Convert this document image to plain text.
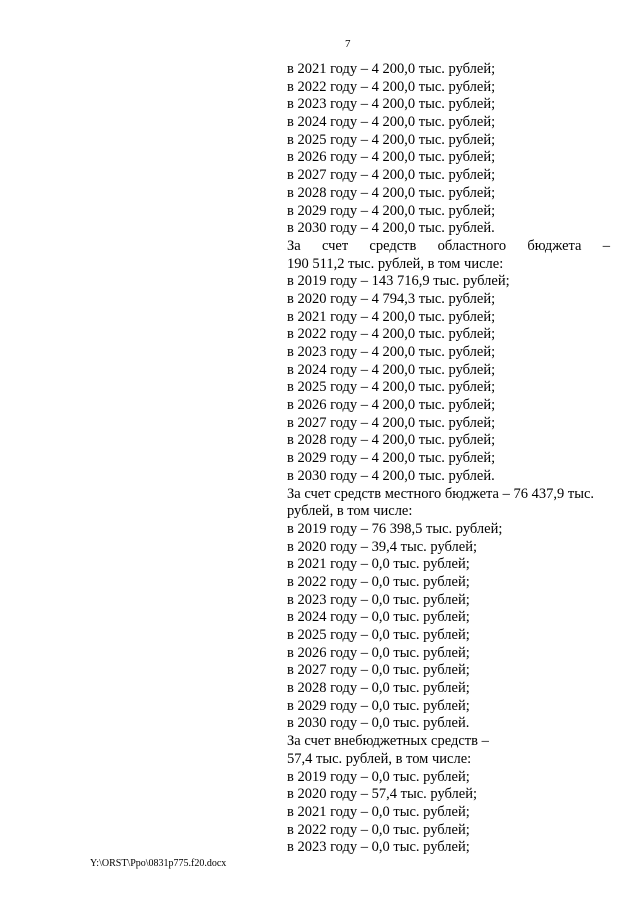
7
в 2021 году – 4 200,0 тыс. рублей;
в 2022 году – 4 200,0 тыс. рублей;
в 2023 году – 4 200,0 тыс. рублей;
в 2024 году – 4 200,0 тыс. рублей;
в 2025 году – 4 200,0 тыс. рублей;
в 2026 году – 4 200,0 тыс. рублей;
в 2027 году – 4 200,0 тыс. рублей;
в 2028 году – 4 200,0 тыс. рублей;
в 2029 году – 4 200,0 тыс. рублей;
в 2030 году – 4 200,0 тыс. рублей.
За счет средств областного бюджета –
190 511,2 тыс. рублей, в том числе:
в 2019 году – 143 716,9 тыс. рублей;
в 2020 году – 4 794,3 тыс. рублей;
в 2021 году – 4 200,0 тыс. рублей;
в 2022 году – 4 200,0 тыс. рублей;
в 2023 году – 4 200,0 тыс. рублей;
в 2024 году – 4 200,0 тыс. рублей;
в 2025 году – 4 200,0 тыс. рублей;
в 2026 году – 4 200,0 тыс. рублей;
в 2027 году – 4 200,0 тыс. рублей;
в 2028 году – 4 200,0 тыс. рублей;
в 2029 году – 4 200,0 тыс. рублей;
в 2030 году – 4 200,0 тыс. рублей.
За счет средств местного бюджета – 76 437,9 тыс.
рублей, в том числе:
в 2019 году – 76 398,5 тыс. рублей;
в 2020 году – 39,4 тыс. рублей;
в 2021 году – 0,0 тыс. рублей;
в 2022 году – 0,0 тыс. рублей;
в 2023 году – 0,0 тыс. рублей;
в 2024 году – 0,0 тыс. рублей;
в 2025 году – 0,0 тыс. рублей;
в 2026 году – 0,0 тыс. рублей;
в 2027 году – 0,0 тыс. рублей;
в 2028 году – 0,0 тыс. рублей;
в 2029 году – 0,0 тыс. рублей;
в 2030 году – 0,0 тыс. рублей.
За счет внебюджетных средств –
57,4 тыс. рублей, в том числе:
в 2019 году – 0,0 тыс. рублей;
в 2020 году – 57,4 тыс. рублей;
в 2021 году – 0,0 тыс. рублей;
в 2022 году – 0,0 тыс. рублей;
в 2023 году – 0,0 тыс. рублей;
Y:\ORST\Ppo\0831p775.f20.docx
